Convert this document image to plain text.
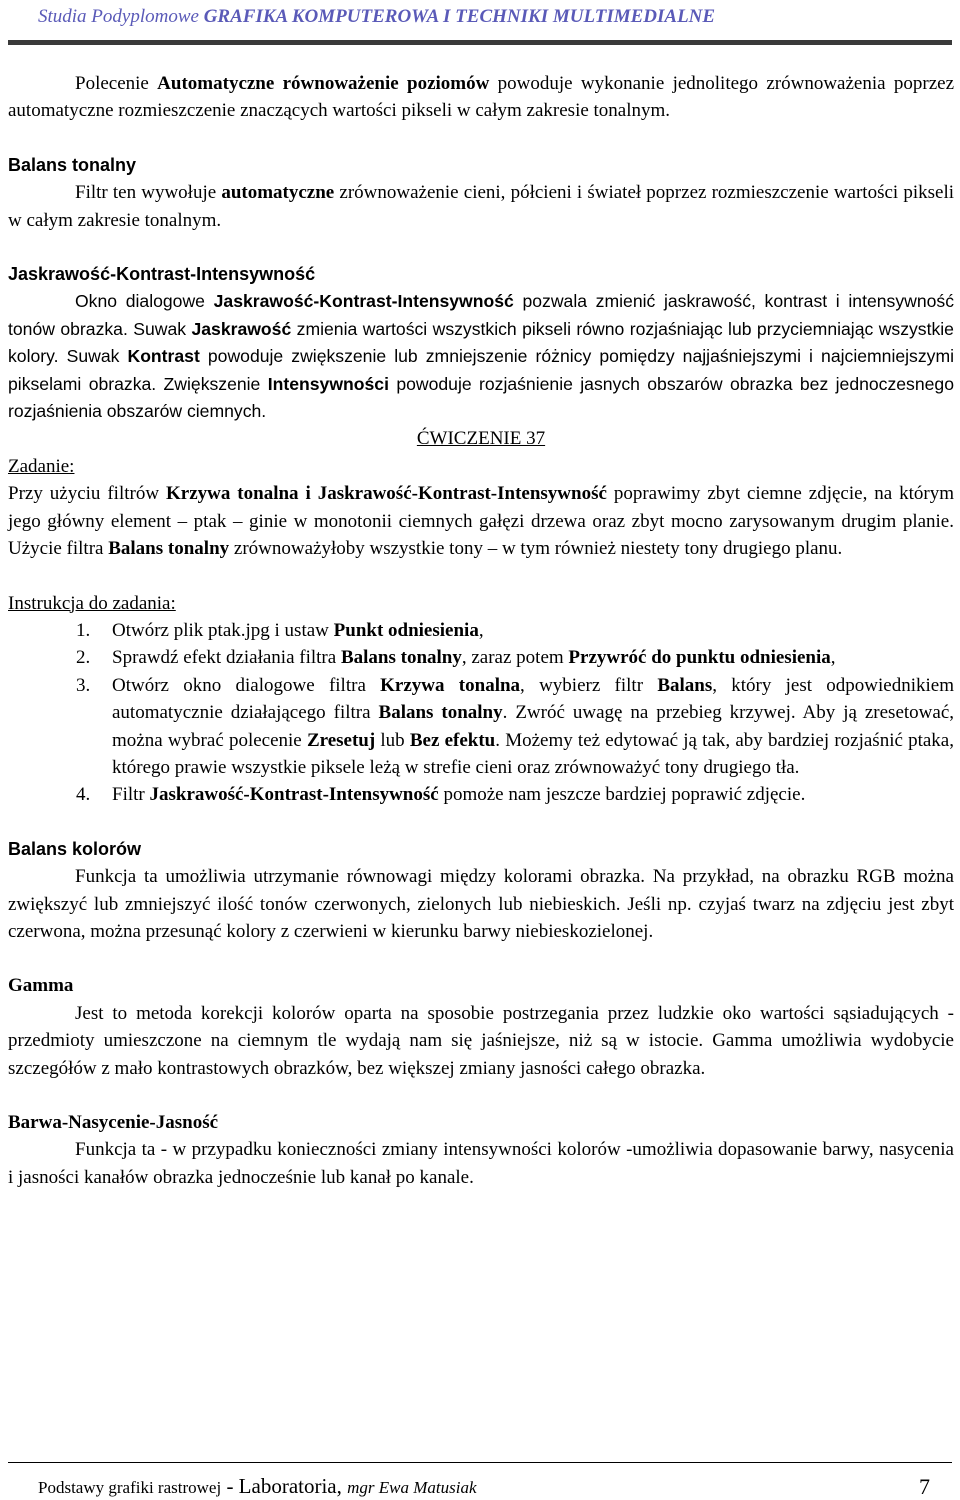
Studia Podyplomowe GRAFIKA KOMPUTEROWA I TECHNIKI MULTIMEDIALNE

Polecenie Automatyczne równoważenie poziomów powoduje wykonanie jednolitego zrównoważenia poprzez automatyczne rozmieszczenie znaczących wartości pikseli w całym zakresie tonalnym.

Balans tonalny

Filtr ten wywołuje automatyczne zrównoważenie cieni, półcieni i świateł poprzez rozmieszczenie wartości pikseli w całym zakresie tonalnym.

Jaskrawość-Kontrast-Intensywność

Okno dialogowe Jaskrawość-Kontrast-Intensywność pozwala zmienić jaskrawość, kontrast i intensywność tonów obrazka. Suwak Jaskrawość zmienia wartości wszystkich pikseli równo rozjaśniając lub przyciemniając wszystkie kolory. Suwak Kontrast powoduje zwiększenie lub zmniejszenie różnicy pomiędzy najjaśniejszymi i najciemniejszymi pikselami obrazka. Zwiększenie Intensywności powoduje rozjaśnienie jasnych obszarów obrazka bez jednoczesnego rozjaśnienia obszarów ciemnych.

ĆWICZENIE 37

Zadanie:

Przy użyciu filtrów Krzywa tonalna i Jaskrawość-Kontrast-Intensywność poprawimy zbyt ciemne zdjęcie, na którym jego główny element – ptak – ginie w monotonii ciemnych gałęzi drzewa oraz zbyt mocno zarysowanym drugim planie. Użycie filtra Balans tonalny zrównoważyłoby wszystkie tony – w tym również niestety tony drugiego planu.

Instrukcja do zadania:

1. Otwórz plik ptak.jpg i ustaw Punkt odniesienia,
2. Sprawdź efekt działania filtra Balans tonalny, zaraz potem Przywróć do punktu odniesienia,
3. Otwórz okno dialogowe filtra Krzywa tonalna, wybierz filtr Balans, który jest odpowiednikiem automatycznie działającego filtra Balans tonalny. Zwróć uwagę na przebieg krzywej. Aby ją zresetować, można wybrać polecenie Zresetuj lub Bez efektu. Możemy też edytować ją tak, aby bardziej rozjaśnić ptaka, którego prawie wszystkie piksele leżą w strefie cieni oraz zrównoważyć tony drugiego tła.
4. Filtr Jaskrawość-Kontrast-Intensywność pomoże nam jeszcze bardziej poprawić zdjęcie.

Balans kolorów

Funkcja ta umożliwia utrzymanie równowagi między kolorami obrazka. Na przykład, na obrazku RGB można zwiększyć lub zmniejszyć ilość tonów czerwonych, zielonych lub niebieskich. Jeśli np. czyjaś twarz na zdjęciu jest zbyt czerwona, można przesunąć kolory z czerwieni w kierunku barwy niebieskozielonej.

Gamma

Jest to metoda korekcji kolorów oparta na sposobie postrzegania przez ludzkie oko wartości sąsiadujących - przedmioty umieszczone na ciemnym tle wydają nam się jaśniejsze, niż są w istocie. Gamma umożliwia wydobycie szczegółów z mało kontrastowych obrazków, bez większej zmiany jasności całego obrazka.

Barwa-Nasycenie-Jasność

Funkcja ta - w przypadku konieczności zmiany intensywności kolorów -umożliwia dopasowanie barwy, nasycenia i jasności kanałów obrazka jednocześnie lub kanał po kanale.

Podstawy grafiki rastrowej - Laboratoria, mgr Ewa Matusiak	7
